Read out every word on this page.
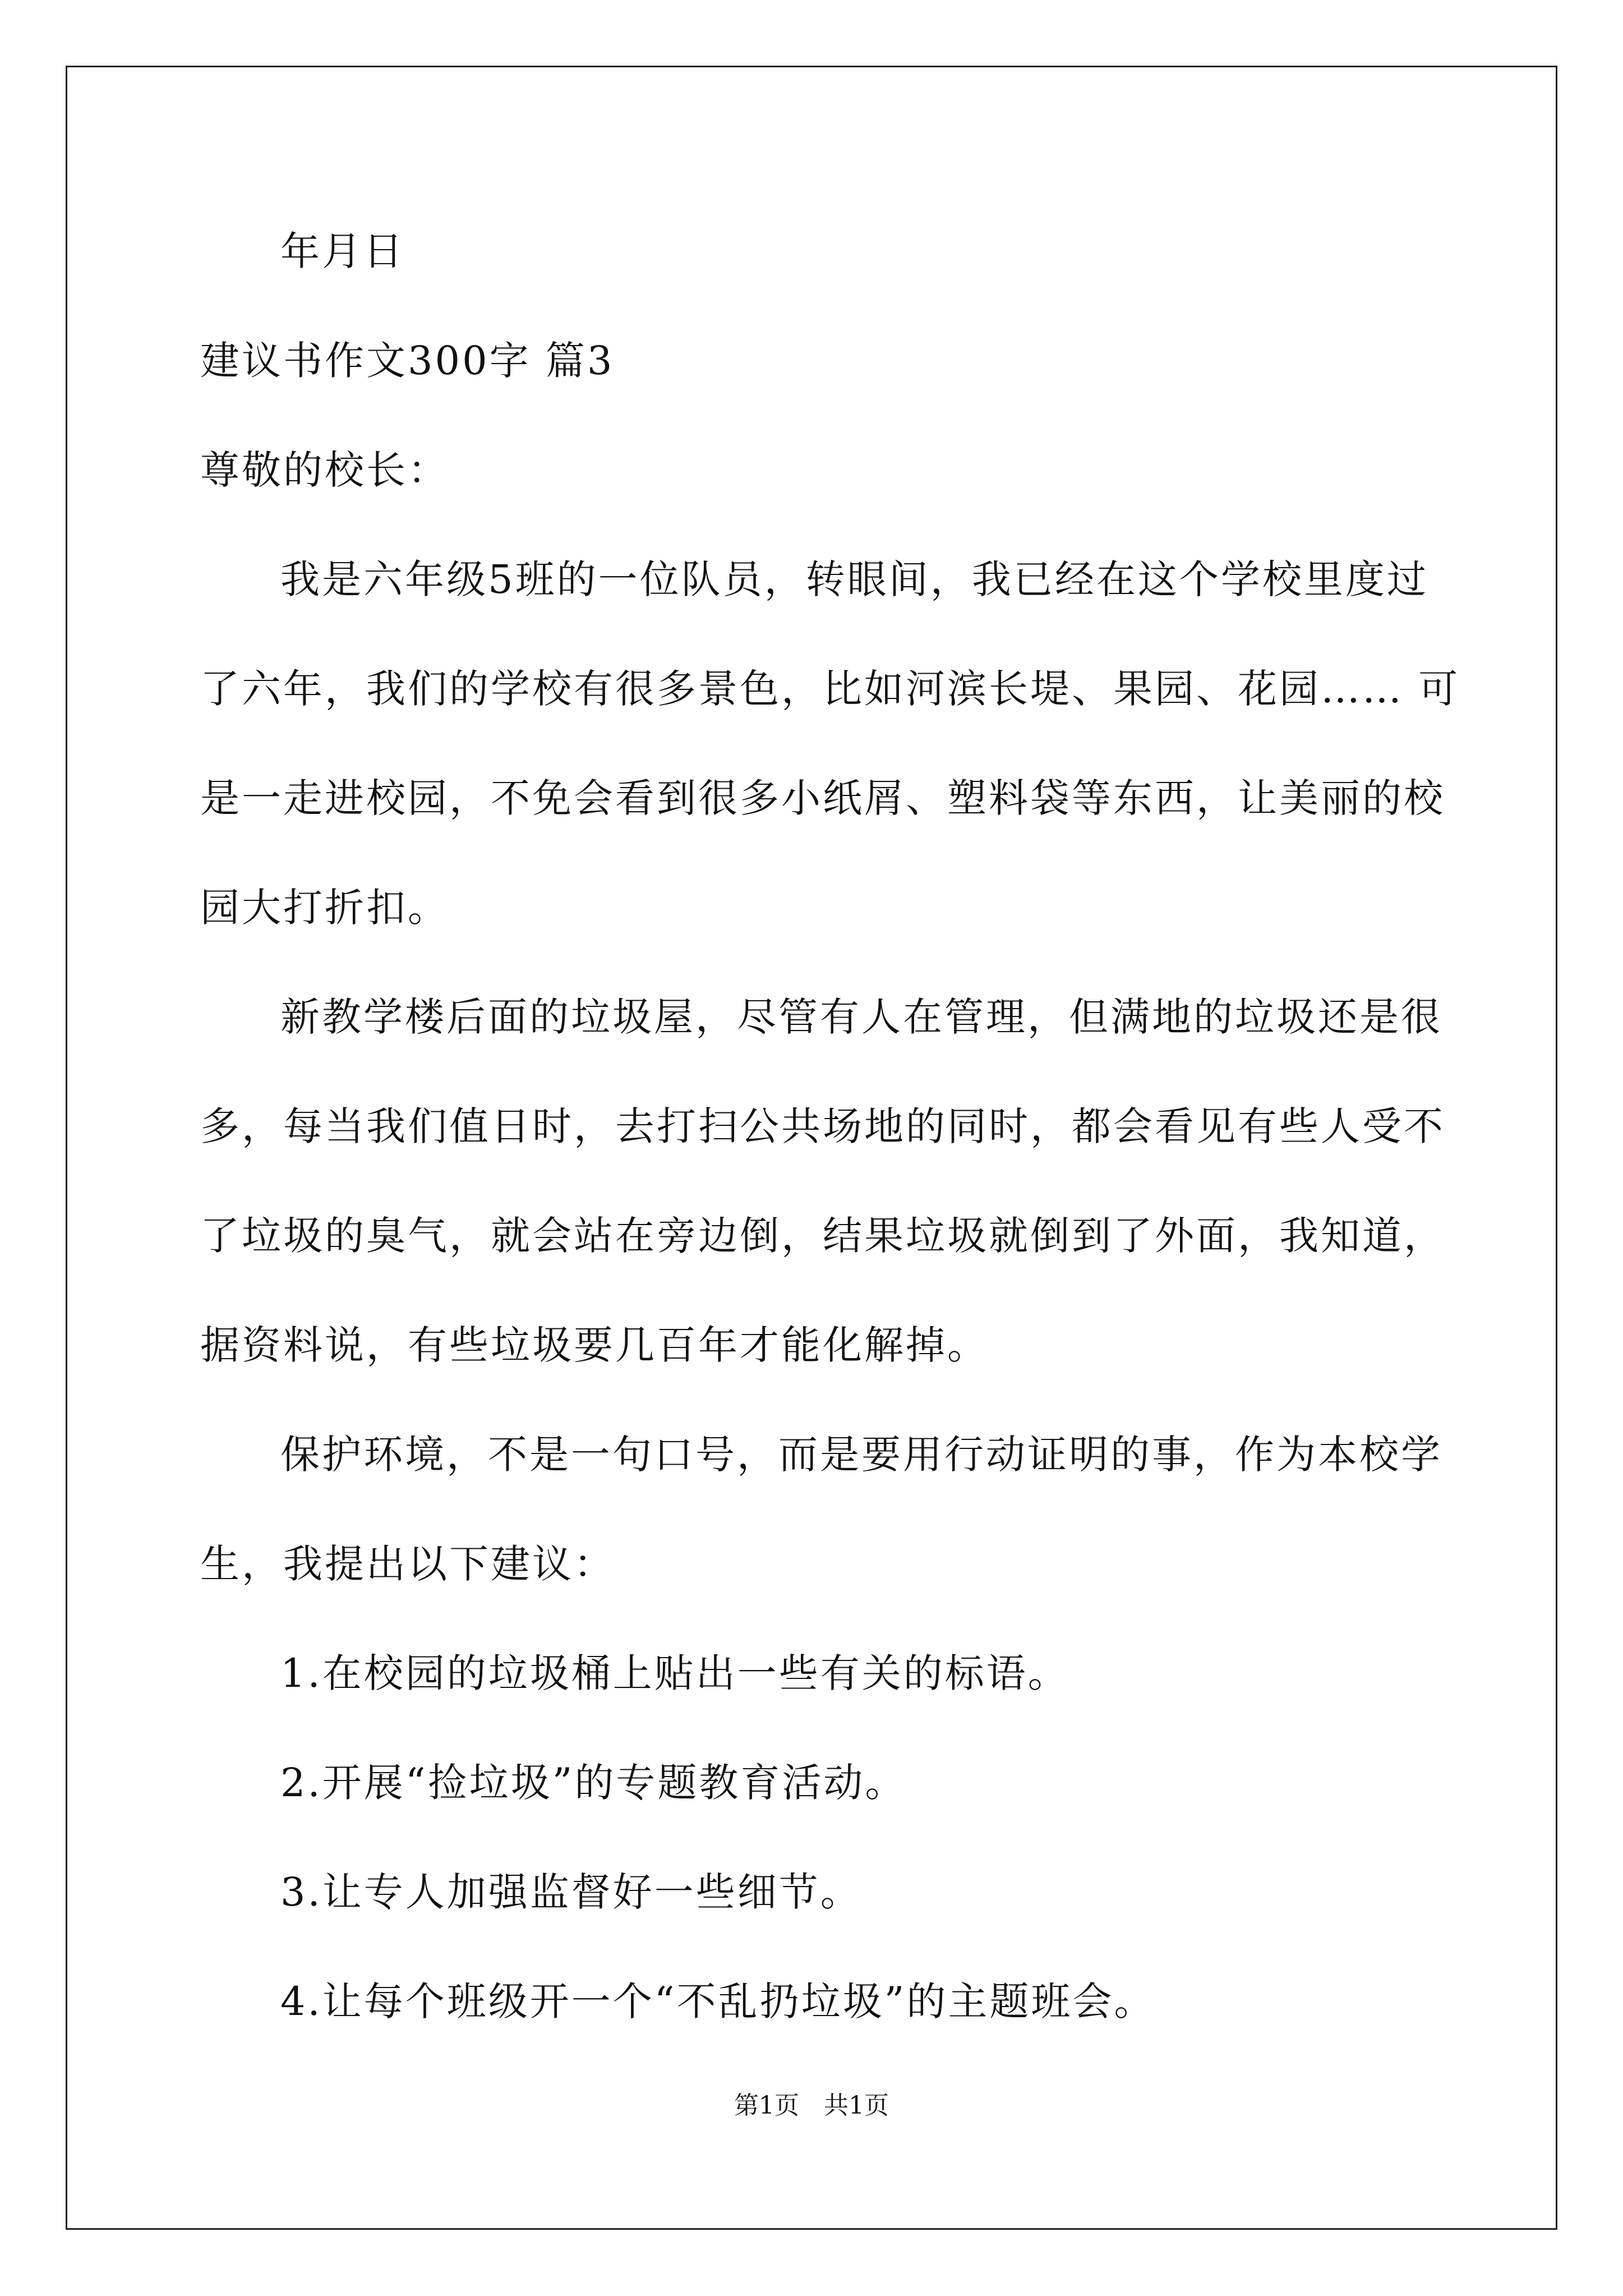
年月日
建议书作文300字 篇3
尊敬的校长：
我是六年级5班的一位队员，转眼间，我已经在这个学校里度过
了六年，我们的学校有很多景色，比如河滨长堤、果园、花园…… 可
是一走进校园，不免会看到很多小纸屑、塑料袋等东西，让美丽的校
园大打折扣。
新教学楼后面的垃圾屋，尽管有人在管理，但满地的垃圾还是很
多，每当我们值日时，去打扫公共场地的同时，都会看见有些人受不
了垃圾的臭气，就会站在旁边倒，结果垃圾就倒到了外面，我知道，
据资料说，有些垃圾要几百年才能化解掉。
保护环境，不是一句口号，而是要用行动证明的事，作为本校学
生，我提出以下建议：
1.在校园的垃圾桶上贴出一些有关的标语。
2.开展“捡垃圾”的专题教育活动。
3.让专人加强监督好一些细节。
4.让每个班级开一个“不乱扔垃圾”的主题班会。
第1页　共1页
